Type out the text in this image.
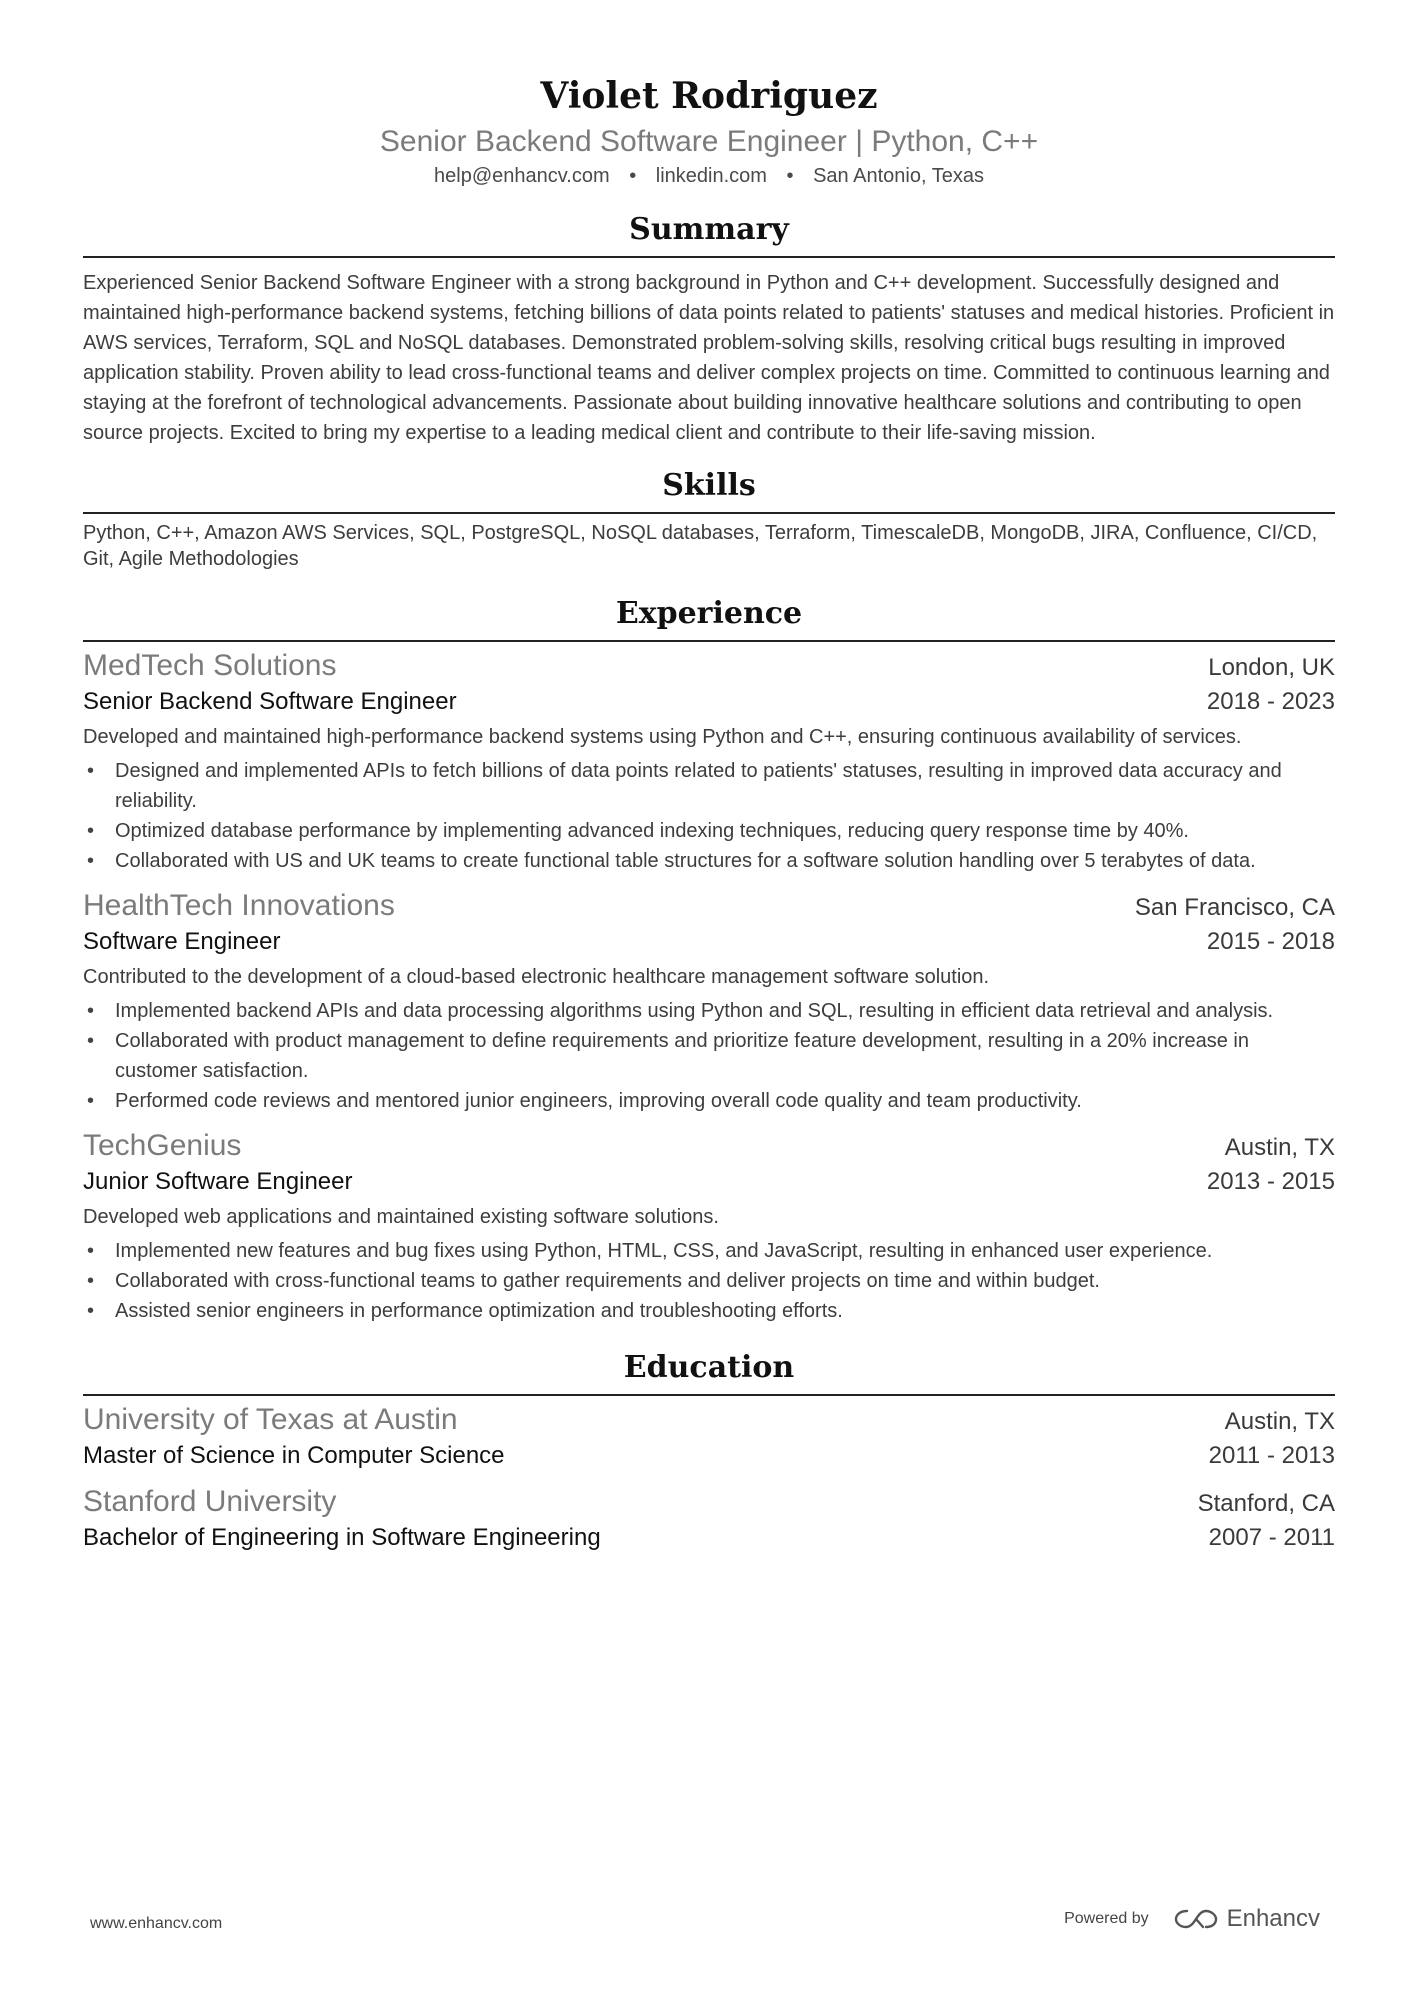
Violet Rodriguez
Senior Backend Software Engineer | Python, C++
help@enhancv.com • linkedin.com • San Antonio, Texas
Summary

Experienced Senior Backend Software Engineer with a strong background in Python and C++ development. Successfully designed and maintained high-performance backend systems, fetching billions of data points related to patients' statuses and medical histories. Proficient in AWS services, Terraform, SQL and NoSQL databases. Demonstrated problem-solving skills, resolving critical bugs resulting in improved application stability. Proven ability to lead cross-functional teams and deliver complex projects on time. Committed to continuous learning and staying at the forefront of technological advancements. Passionate about building innovative healthcare solutions and contributing to open source projects. Excited to bring my expertise to a leading medical client and contribute to their life-saving mission.

Skills

Python, C++, Amazon AWS Services, SQL, PostgreSQL, NoSQL databases, Terraform, TimescaleDB, MongoDB, JIRA, Confluence, CI/CD, Git, Agile Methodologies

Experience
MedTech Solutions	London, UK
Senior Backend Software Engineer	2018 - 2023
Developed and maintained high-performance backend systems using Python and C++, ensuring continuous availability of services.
• Designed and implemented APIs to fetch billions of data points related to patients' statuses, resulting in improved data accuracy and reliability.
• Optimized database performance by implementing advanced indexing techniques, reducing query response time by 40%.
• Collaborated with US and UK teams to create functional table structures for a software solution handling over 5 terabytes of data.
HealthTech Innovations	San Francisco, CA
Software Engineer	2015 - 2018
Contributed to the development of a cloud-based electronic healthcare management software solution.
• Implemented backend APIs and data processing algorithms using Python and SQL, resulting in efficient data retrieval and analysis.
• Collaborated with product management to define requirements and prioritize feature development, resulting in a 20% increase in customer satisfaction.
• Performed code reviews and mentored junior engineers, improving overall code quality and team productivity.
TechGenius	Austin, TX
Junior Software Engineer	2013 - 2015
Developed web applications and maintained existing software solutions.
• Implemented new features and bug fixes using Python, HTML, CSS, and JavaScript, resulting in enhanced user experience.
• Collaborated with cross-functional teams to gather requirements and deliver projects on time and within budget.
• Assisted senior engineers in performance optimization and troubleshooting efforts.
Education
University of Texas at Austin	Austin, TX
Master of Science in Computer Science	2011 - 2013
Stanford University	Stanford, CA
Bachelor of Engineering in Software Engineering	2007 - 2011
www.enhancv.com	Powered by	Enhancv
